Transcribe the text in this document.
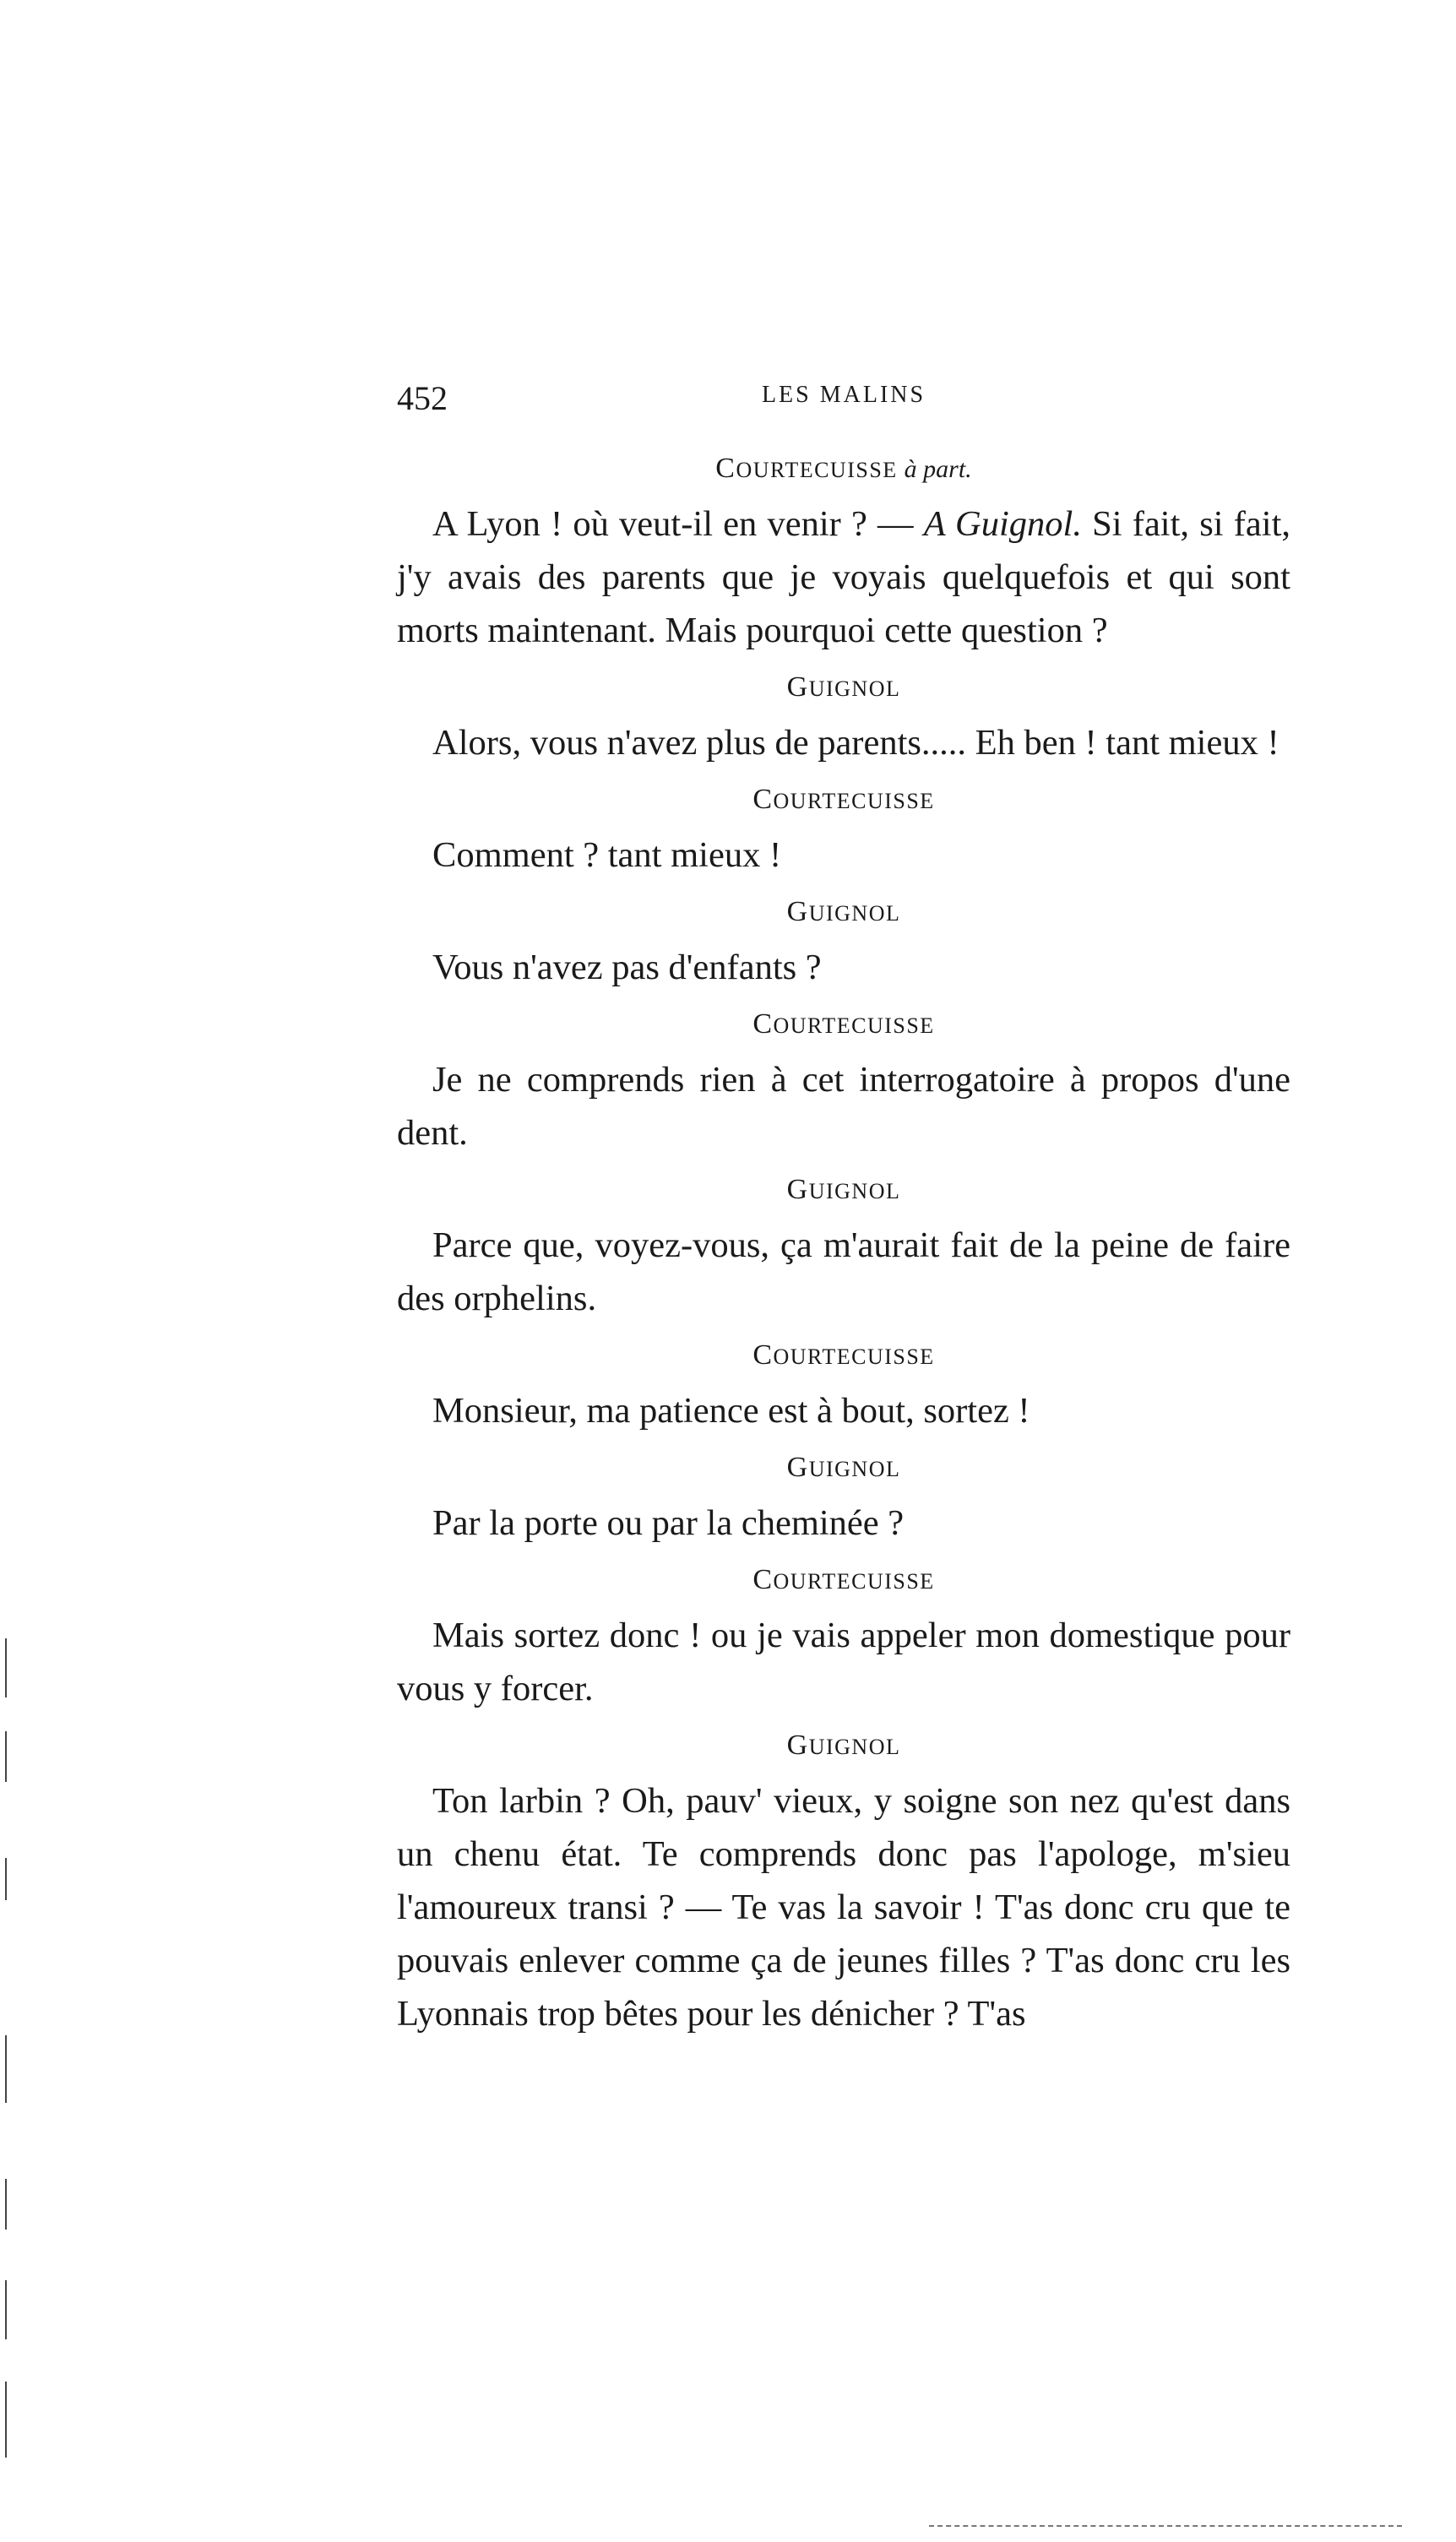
452	LES MALINS
COURTECUISSE à part.

A Lyon ! où veut-il en venir ? — A Guignol. Si fait, si fait, j'y avais des parents que je voyais quelquefois et qui sont morts maintenant. Mais pourquoi cette question ?

GUIGNOL

Alors, vous n'avez plus de parents..... Eh ben ! tant mieux !

COURTECUISSE

Comment ? tant mieux !

GUIGNOL

Vous n'avez pas d'enfants ?

COURTECUISSE

Je ne comprends rien à cet interrogatoire à propos d'une dent.

GUIGNOL

Parce que, voyez-vous, ça m'aurait fait de la peine de faire des orphelins.

COURTECUISSE

Monsieur, ma patience est à bout, sortez !

GUIGNOL

Par la porte ou par la cheminée ?

COURTECUISSE

Mais sortez donc ! ou je vais appeler mon domestique pour vous y forcer.

GUIGNOL

Ton larbin ? Oh, pauv' vieux, y soigne son nez qu'est dans un chenu état. Te comprends donc pas l'apologe, m'sieu l'amoureux transi ? — Te vas la savoir ! T'as donc cru que te pouvais enlever comme ça de jeunes filles ? T'as donc cru les Lyonnais trop bêtes pour les dénicher ? T'as
